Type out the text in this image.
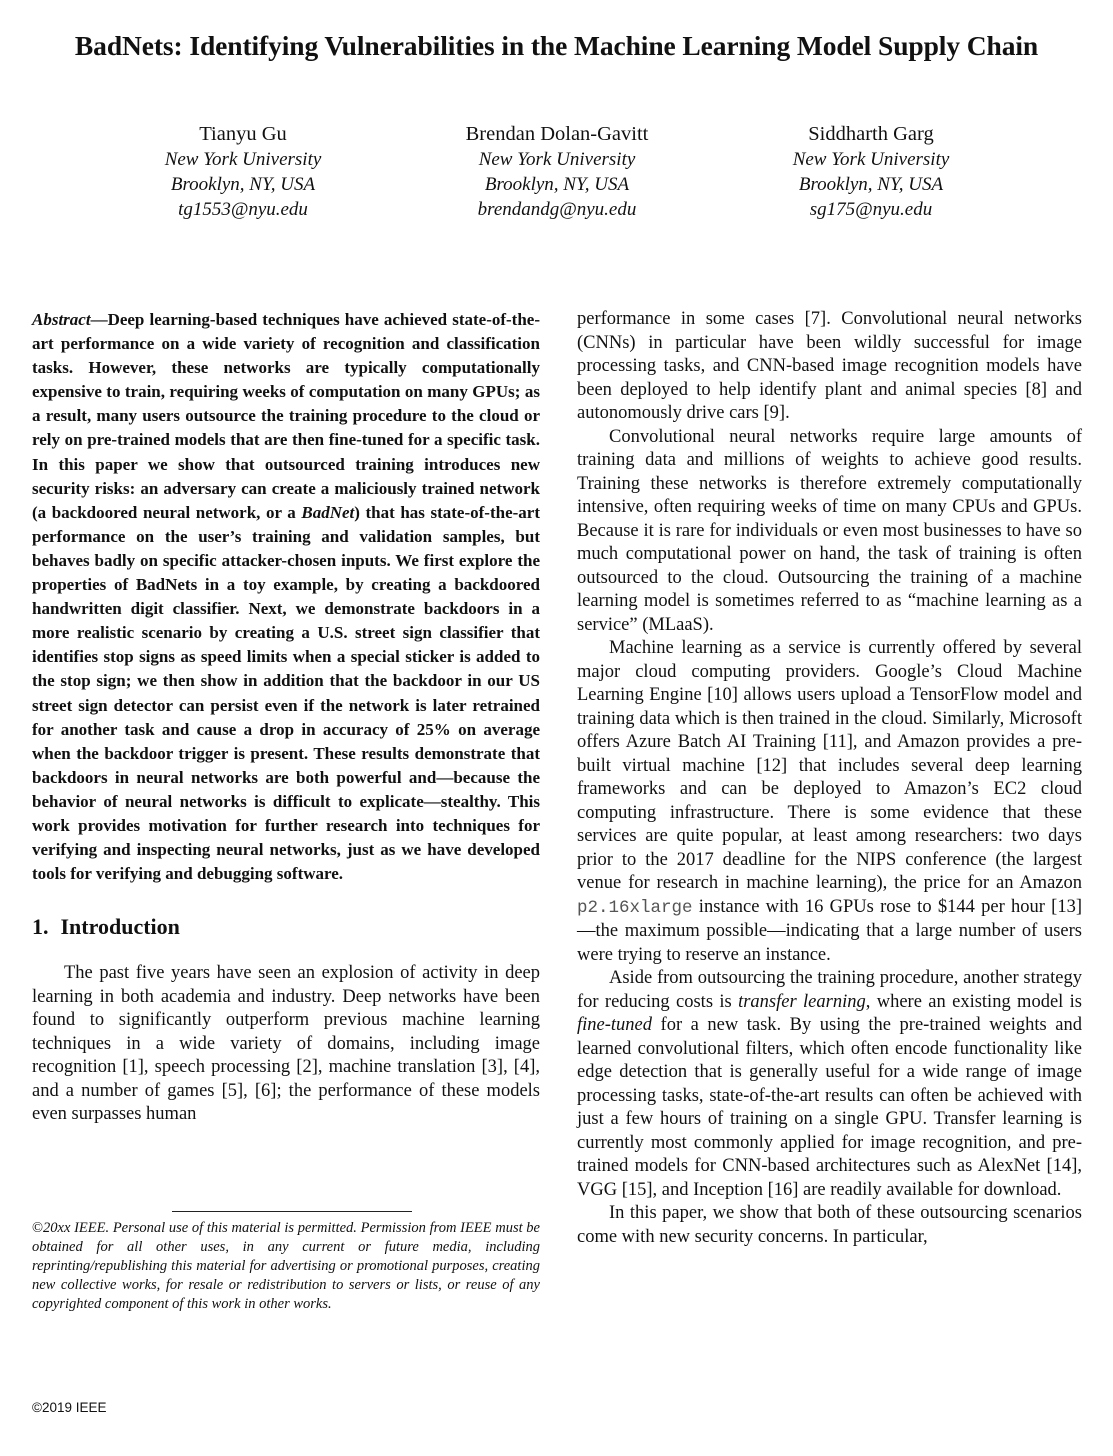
BadNets: Identifying Vulnerabilities in the Machine Learning Model Supply Chain
Tianyu Gu
New York University
Brooklyn, NY, USA
tg1553@nyu.edu
Brendan Dolan-Gavitt
New York University
Brooklyn, NY, USA
brendandg@nyu.edu
Siddharth Garg
New York University
Brooklyn, NY, USA
sg175@nyu.edu

Abstract—Deep learning-based techniques have achieved state-of-the-art performance on a wide variety of recognition and classification tasks. However, these networks are typically computationally expensive to train, requiring weeks of computation on many GPUs; as a result, many users outsource the training procedure to the cloud or rely on pre-trained models that are then fine-tuned for a specific task. In this paper we show that outsourced training introduces new security risks: an adversary can create a maliciously trained network (a backdoored neural network, or a BadNet) that has state-of-the-art performance on the user’s training and validation samples, but behaves badly on specific attacker-chosen inputs. We first explore the properties of BadNets in a toy example, by creating a backdoored handwritten digit classifier. Next, we demonstrate backdoors in a more realistic scenario by creating a U.S. street sign classifier that identifies stop signs as speed limits when a special sticker is added to the stop sign; we then show in addition that the backdoor in our US street sign detector can persist even if the network is later retrained for another task and cause a drop in accuracy of 25% on average when the backdoor trigger is present. These results demonstrate that backdoors in neural networks are both powerful and—because the behavior of neural networks is difficult to explicate—stealthy. This work provides motivation for further research into techniques for verifying and inspecting neural networks, just as we have developed tools for verifying and debugging software.

1. Introduction

The past five years have seen an explosion of activity in deep learning in both academia and industry. Deep networks have been found to significantly outperform previous machine learning techniques in a wide variety of domains, including image recognition [1], speech processing [2], machine translation [3], [4], and a number of games [5], [6]; the performance of these models even surpasses human

©20xx IEEE. Personal use of this material is permitted. Permission from IEEE must be obtained for all other uses, in any current or future media, including reprinting/republishing this material for advertising or promotional purposes, creating new collective works, for resale or redistribution to servers or lists, or reuse of any copyrighted component of this work in other works.
©2019 IEEE

performance in some cases [7]. Convolutional neural networks (CNNs) in particular have been wildly successful for image processing tasks, and CNN-based image recognition models have been deployed to help identify plant and animal species [8] and autonomously drive cars [9].

Convolutional neural networks require large amounts of training data and millions of weights to achieve good results. Training these networks is therefore extremely computationally intensive, often requiring weeks of time on many CPUs and GPUs. Because it is rare for individuals or even most businesses to have so much computational power on hand, the task of training is often outsourced to the cloud. Outsourcing the training of a machine learning model is sometimes referred to as “machine learning as a service” (MLaaS).

Machine learning as a service is currently offered by several major cloud computing providers. Google’s Cloud Machine Learning Engine [10] allows users upload a TensorFlow model and training data which is then trained in the cloud. Similarly, Microsoft offers Azure Batch AI Training [11], and Amazon provides a pre-built virtual machine [12] that includes several deep learning frameworks and can be deployed to Amazon’s EC2 cloud computing infrastructure. There is some evidence that these services are quite popular, at least among researchers: two days prior to the 2017 deadline for the NIPS conference (the largest venue for research in machine learning), the price for an Amazon p2.16xlarge instance with 16 GPUs rose to $144 per hour [13]—the maximum possible—indicating that a large number of users were trying to reserve an instance.

Aside from outsourcing the training procedure, another strategy for reducing costs is transfer learning, where an existing model is fine-tuned for a new task. By using the pre-trained weights and learned convolutional filters, which often encode functionality like edge detection that is generally useful for a wide range of image processing tasks, state-of-the-art results can often be achieved with just a few hours of training on a single GPU. Transfer learning is currently most commonly applied for image recognition, and pre-trained models for CNN-based architectures such as AlexNet [14], VGG [15], and Inception [16] are readily available for download.

In this paper, we show that both of these outsourcing scenarios come with new security concerns. In particular,
